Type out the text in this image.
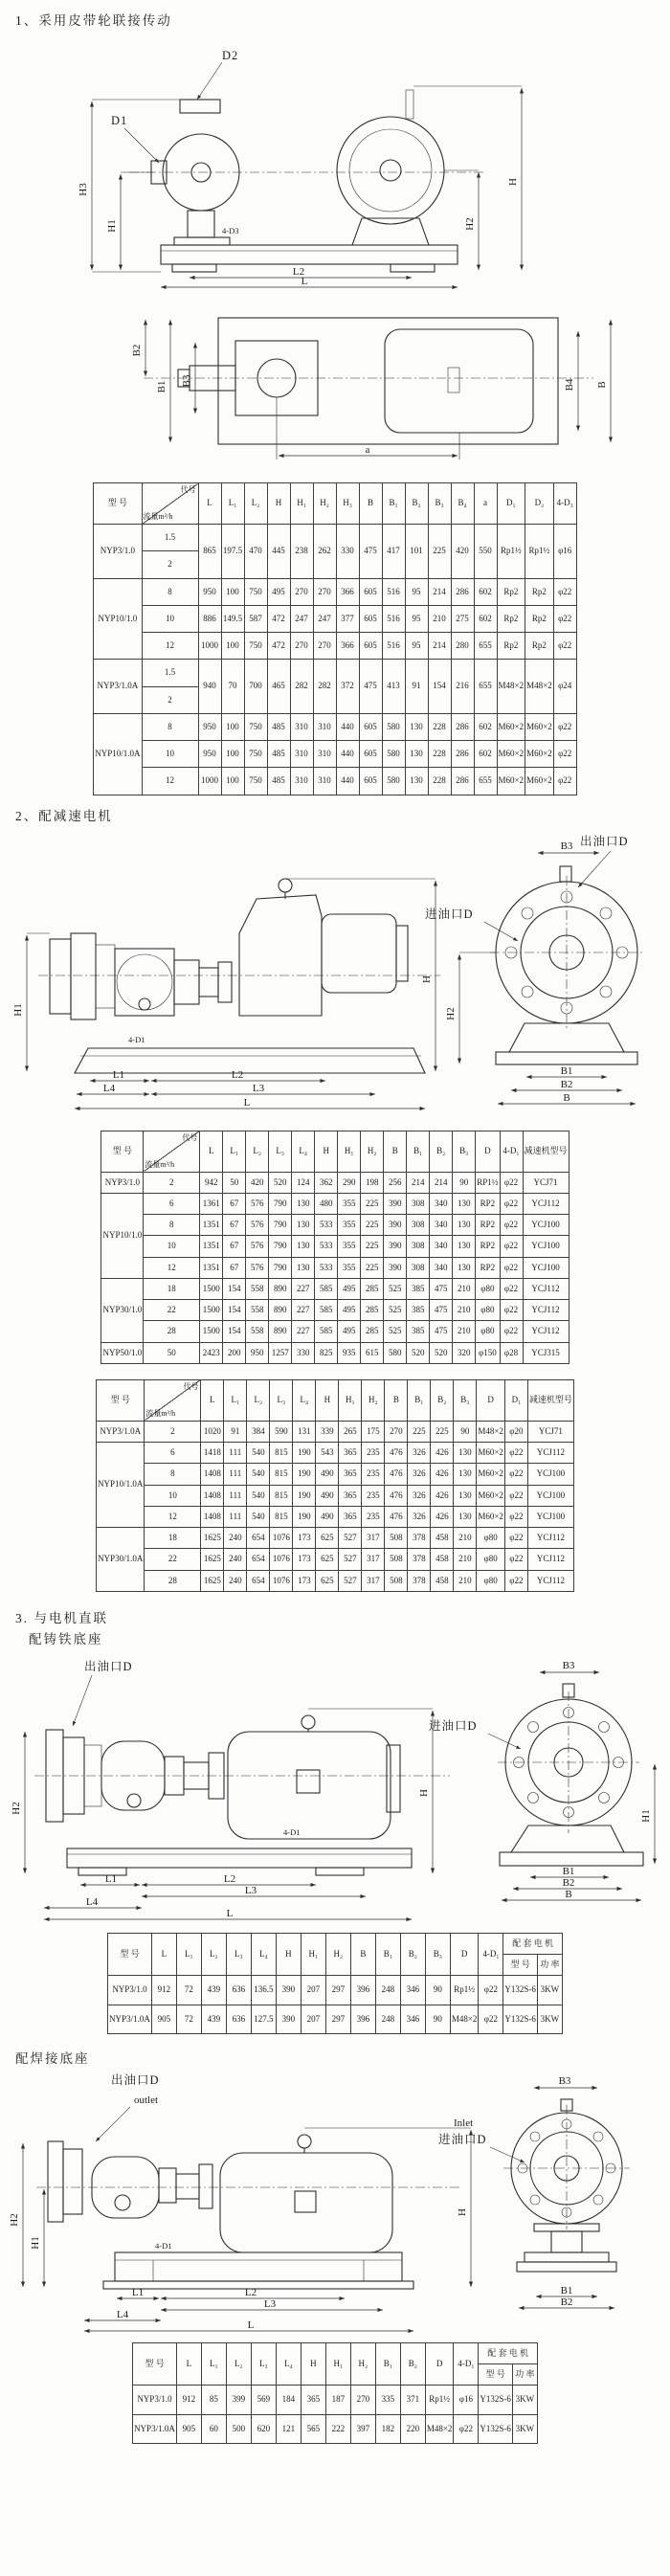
1、采用皮带轮联接传动
D2
D1
4-D3
H3
H1	H2
H
L2
L
B2
B1 B3	B4 B
a
型 号	代号
流量m³/h	L	L₁	L₂	H	H₁	H₂	H₃	B	B₁	B₂	B₃	B₄	a	D₁	D₂	4-D₃
NYP3/1.0	1.5	865	197.5	470	445	238	262	330	475	417	101	225	420	550	Rp1½	Rp1½	φ16
	2																
NYP10/1.0	8	950	100	750	495	270	270	366	605	516	95	214	286	602	Rp2	Rp2	φ22
	10	886	149.5	587	472	247	247	377	605	516	95	210	275	602	Rp2	Rp2	φ22
	12	1000	100	750	472	270	270	366	605	516	95	214	280	655	Rp2	Rp2	φ22
NYP3/1.0A	1.5	940	70	700	465	282	282	372	475	413	91	154	216	655	M48×2	M48×2	φ24
	2																
NYP10/1.0A	8	950	100	750	485	310	310	440	605	580	130	228	286	602	M60×2	M60×2	φ22
	10	950	100	750	485	310	310	440	605	580	130	228	286	602	M60×2	M60×2	φ22
	12	1000	100	750	485	310	310	440	605	580	130	228	286	655	M60×2	M60×2	φ22
2、配减速电机
4-D1
H1
H
L1	L2
L4	L3
L
进油口D
出油口D
B3
H2
B1
B2
B
型 号	代号
流量m³/h	L	L₁	L₂	L₃	L₄	H	H₁	H₂	B	B₁	B₂	B₃	D	4-D₁	减速机型号
NYP3/1.0	2	942	50	420	520	124	362	290	198	256	214	214	90	RP1½	φ22	YCJ71
NYP10/1.0	6	1361	67	576	790	130	480	355	225	390	308	340	130	RP2	φ22	YCJ112
	8	1351	67	576	790	130	533	355	225	390	308	340	130	RP2	φ22	YCJ100
	10	1351	67	576	790	130	533	355	225	390	308	340	130	RP2	φ22	YCJ100
	12	1351	67	576	790	130	533	355	225	390	308	340	130	RP2	φ22	YCJ100
NYP30/1.0	18	1500	154	558	890	227	585	495	285	525	385	475	210	φ80	φ22	YCJ112
	22	1500	154	558	890	227	585	495	285	525	385	475	210	φ80	φ22	YCJ112
	28	1500	154	558	890	227	585	495	285	525	385	475	210	φ80	φ22	YCJ112
NYP50/1.0	50	2423	200	950	1257	330	825	935	615	580	520	520	320	φ150	φ28	YCJ315
型 号	代号
流量m³/h	L	L₁	L₂	L₃	L₄	H	H₁	H₂	B	B₁	B₂	B₃	D	D₁	减速机型号
NYP3/1.0A	2	1020	91	384	590	131	339	265	175	270	225	225	90	M48×2	φ20	YCJ71
NYP10/1.0A	6	1418	111	540	815	190	543	365	235	476	326	426	130	M60×2	φ22	YCJ112
	8	1408	111	540	815	190	490	365	235	476	326	426	130	M60×2	φ22	YCJ100
	10	1408	111	540	815	190	490	365	235	476	326	426	130	M60×2	φ22	YCJ100
	12	1408	111	540	815	190	490	365	235	476	326	426	130	M60×2	φ22	YCJ100
NYP30/1.0A	18	1625	240	654	1076	173	625	527	317	508	378	458	210	φ80	φ22	YCJ112
	22	1625	240	654	1076	173	625	527	317	508	378	458	210	φ80	φ22	YCJ112
	28	1625	240	654	1076	173	625	527	317	508	378	458	210	φ80	φ22	YCJ112
3. 与电机直联
配铸铁底座
出油口D
4-D1
H2
H
L1	L2
L3
L4
L
进油口D
B3
H1
B1
B2
B
型 号	L	L₁	L₂	L₃	L₄	H	H₁	H₂	B	B₁	B₂	B₃	D	4-D₁	配 套 电 机	
															型 号	功 率
NYP3/1.0	912	72	439	636	136.5	390	207	297	396	248	346	90	Rp1½	φ22	Y132S-6	3KW
NYP3/1.0A	905	72	439	636	127.5	390	207	297	396	248	346	90	M48×2	φ22	Y132S-6	3KW
配焊接底座
出油口D
outlet
4-D1
H2
H1
H
L1	L2
L3
L4
L
Inlet
进油口D
B3
B1
B2
型 号	L	L₁	L₂	L₃	L₄	H	H₁	H₂	B₁	B₂	D	4-D₁	配 套 电 机	
													型 号	功 率
NYP3/1.0	912	85	399	569	184	365	187	270	335	371	Rp1½	φ16	Y132S-6	3KW
NYP3/1.0A	905	60	500	620	121	565	222	397	182	220	M48×2	φ22	Y132S-6	3KW
